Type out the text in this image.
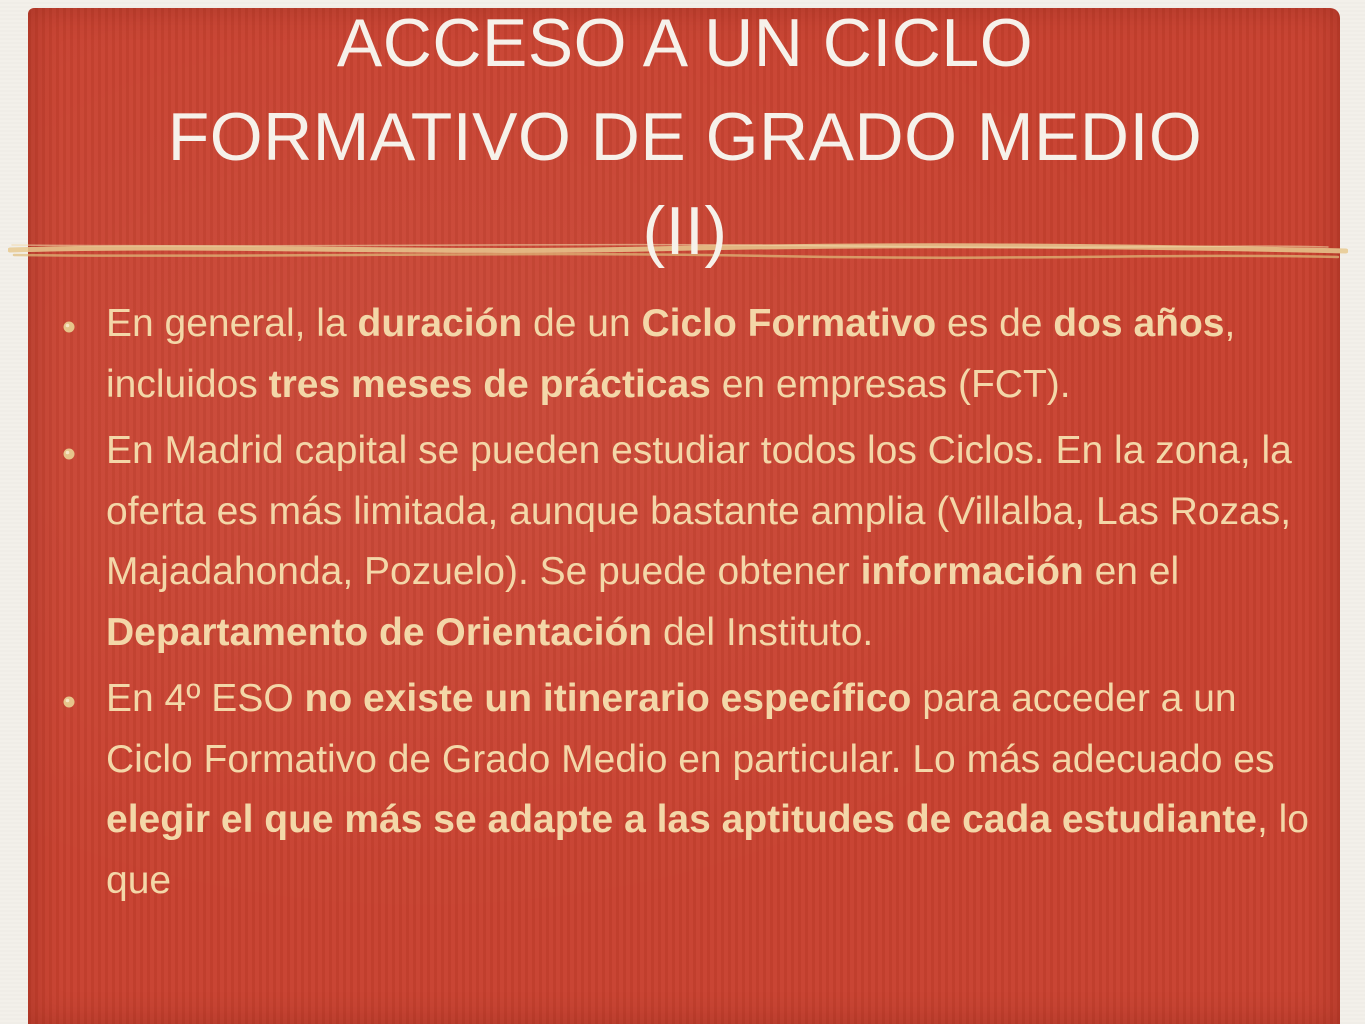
ACCESO A UN CICLO
FORMATIVO DE GRADO MEDIO
(II)

En general, la duración de un Ciclo Formativo es de dos años, incluidos tres meses de prácticas en empresas (FCT).

En Madrid capital se pueden estudiar todos los Ciclos. En la zona, la oferta es más limitada, aunque bastante amplia (Villalba, Las Rozas, Majadahonda, Pozuelo). Se puede obtener información en el Departamento de Orientación del Instituto.

En 4º ESO no existe un itinerario específico para acceder a un Ciclo Formativo de Grado Medio en particular. Lo más adecuado es elegir el que más se adapte a las aptitudes de cada estudiante, lo que
